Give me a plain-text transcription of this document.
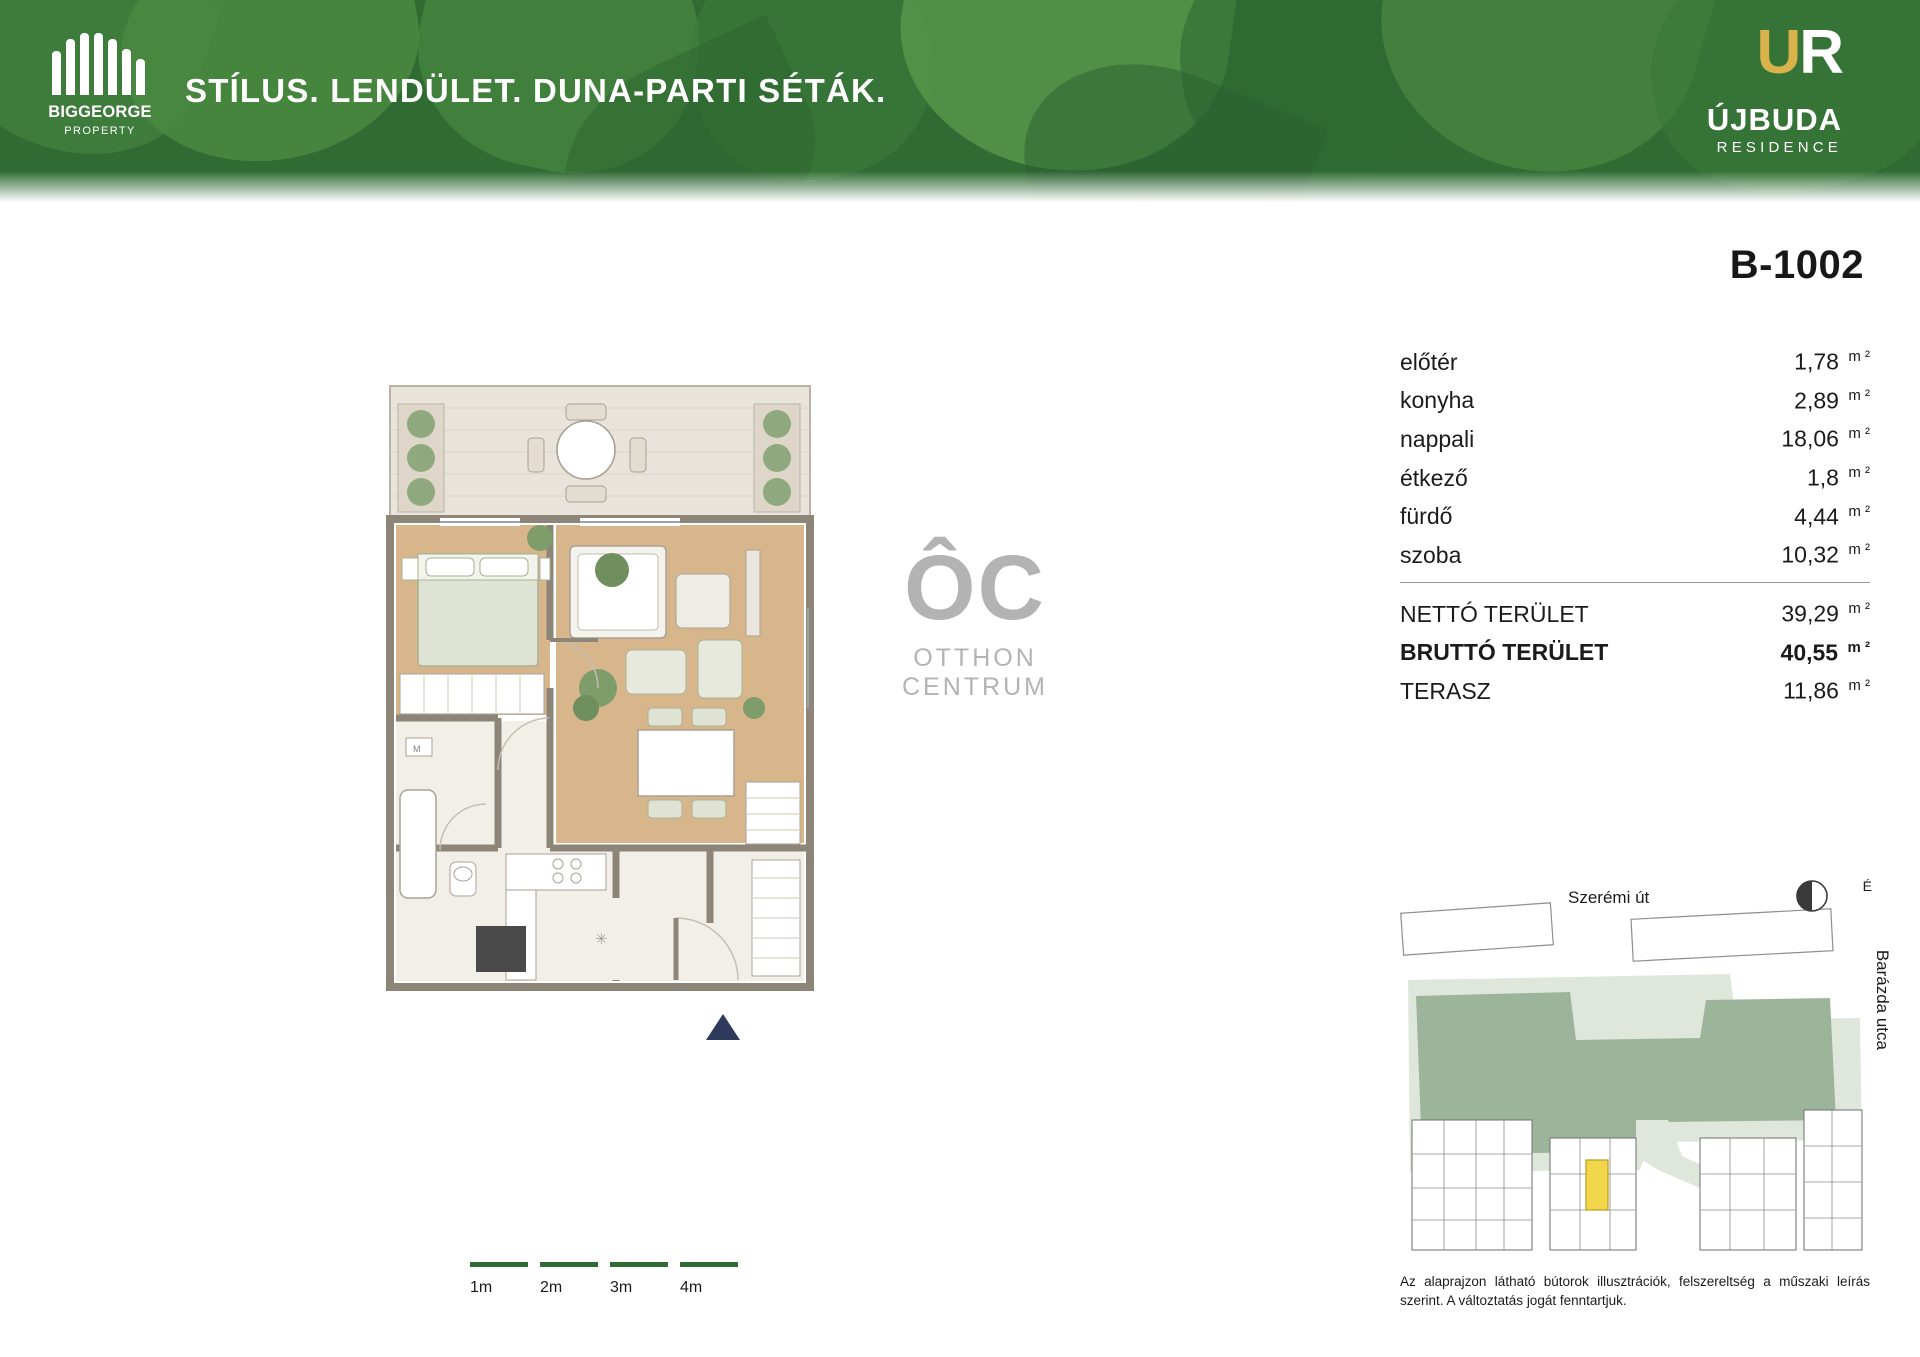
BIGGEORGE
PROPERTY
STÍLUS. LENDÜLET. DUNA-PARTI SÉTÁK.
UR
ÚJBUDA
RESIDENCE
B-1002
előtér	1,78 $^{m ^2}$
konyha	2,89 $^{m ^2}$
nappali	18,06 $^{m ^2}$
étkező	1,8 $^{m ^2}$
fürdő	4,44 $^{m ^2}$
szoba	10,32 $^{m ^2}$
NETTÓ TERÜLET	39,29 $^{m ^2}$
BRUTTÓ TERÜLET	40,55 $^{m ^2}$
TERASZ	11,86 $^{m ^2}$
M
✳
ÔC
OTTHON
CENTRUM
1m	2m	3m	4m
Szerémi út
Barázda utca
É
Az alaprajzon látható bútorok illusztrációk, felszereltség a műszaki leírás szerint. A változtatás jogát fenntartjuk.
